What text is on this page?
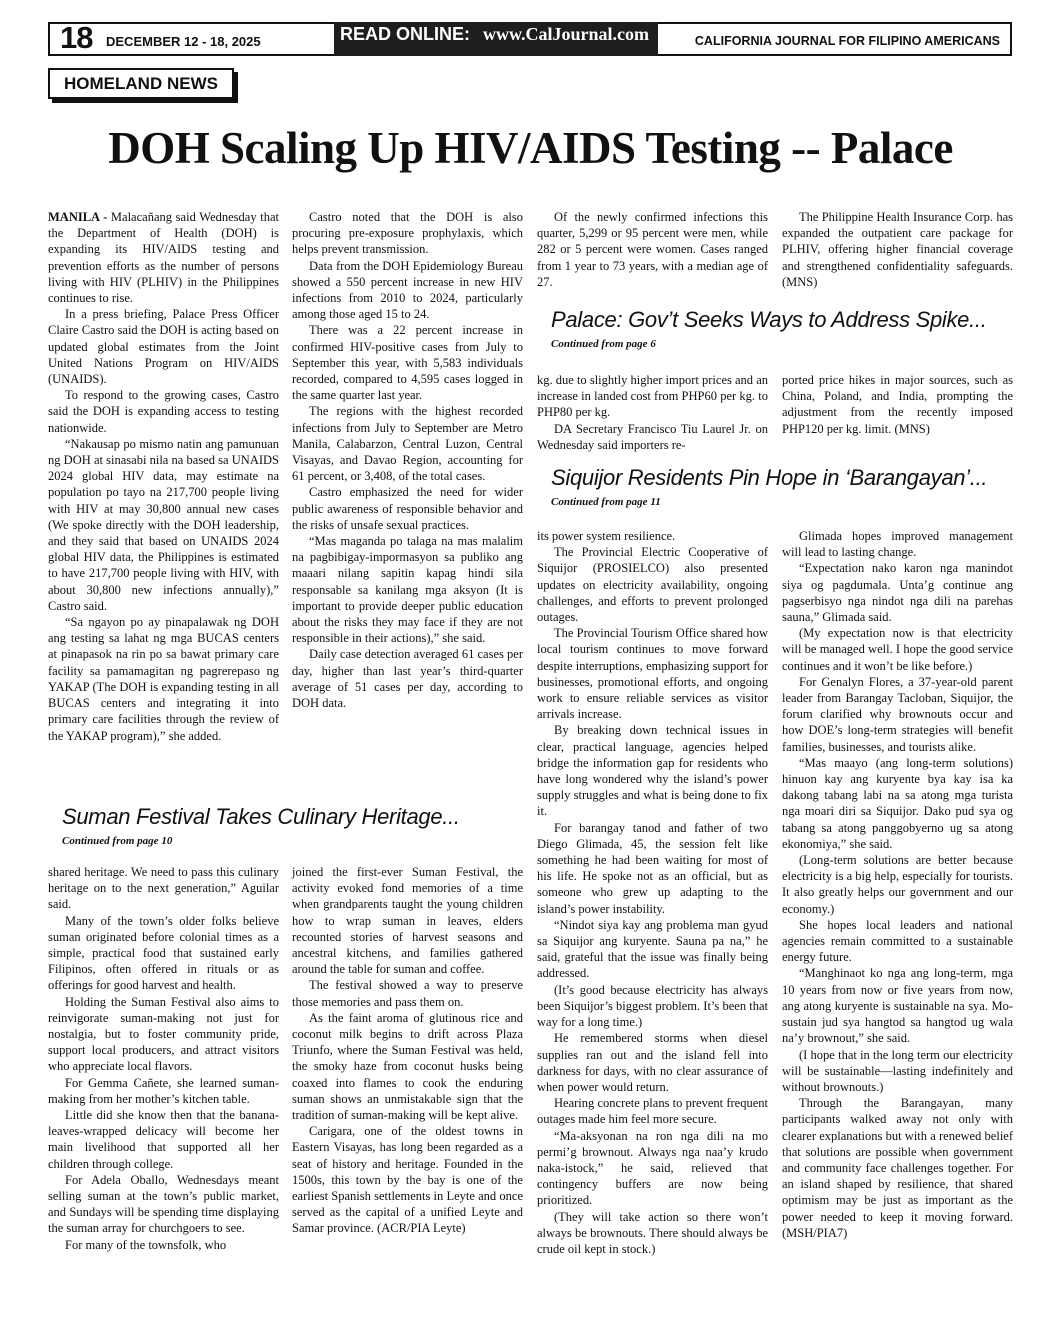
18 DECEMBER 12 - 18, 2025	READ ONLINE: www.CalJournal.com	CALIFORNIA JOURNAL FOR FILIPINO AMERICANS
HOMELAND NEWS
DOH Scaling Up HIV/AIDS Testing -- Palace

MANILA - Malacañang said Wednesday that the Department of Health (DOH) is expanding its HIV/AIDS testing and prevention efforts as the number of persons living with HIV (PLHIV) in the Philippines continues to rise.

In a press briefing, Palace Press Officer Claire Castro said the DOH is acting based on updated global estimates from the Joint United Nations Program on HIV/AIDS (UNAIDS).

To respond to the growing cases, Castro said the DOH is expanding access to testing nationwide.

“Nakausap po mismo natin ang pamunuan ng DOH at sinasabi nila na based sa UNAIDS 2024 global HIV data, may estimate na population po tayo na 217,700 people living with HIV at may 30,800 annual new cases (We spoke directly with the DOH leadership, and they said that based on UNAIDS 2024 global HIV data, the Philippines is estimated to have 217,700 people living with HIV, with about 30,800 new infections annually),” Castro said.

“Sa ngayon po ay pinapalawak ng DOH ang testing sa lahat ng mga BUCAS centers at pinapasok na rin po sa bawat primary care facility sa pamamagitan ng pagrerepaso ng YAKAP (The DOH is expanding testing in all BUCAS centers and integrating it into primary care facilities through the review of the YAKAP program),” she added.

Castro noted that the DOH is also procuring pre-exposure prophylaxis, which helps prevent transmission.

Data from the DOH Epidemiology Bureau showed a 550 percent increase in new HIV infections from 2010 to 2024, particularly among those aged 15 to 24.

There was a 22 percent increase in confirmed HIV-positive cases from July to September this year, with 5,583 individuals recorded, compared to 4,595 cases logged in the same quarter last year.

The regions with the highest recorded infections from July to September are Metro Manila, Calabarzon, Central Luzon, Central Visayas, and Davao Region, accounting for 61 percent, or 3,408, of the total cases.

Castro emphasized the need for wider public awareness of responsible behavior and the risks of unsafe sexual practices.

“Mas maganda po talaga na mas malalim na pagbibigay-impormasyon sa publiko ang maaari nilang sapitin kapag hindi sila responsable sa kanilang mga aksyon (It is important to provide deeper public education about the risks they may face if they are not responsible in their actions),” she said.

Daily case detection averaged 61 cases per day, higher than last year’s third-quarter average of 51 cases per day, according to DOH data.

Of the newly confirmed infections this quarter, 5,299 or 95 percent were men, while 282 or 5 percent were women. Cases ranged from 1 year to 73 years, with a median age of 27.

The Philippine Health Insurance Corp. has expanded the outpatient care package for PLHIV, offering higher financial coverage and strengthened confidentiality safeguards. (MNS)

Palace: Gov’t Seeks Ways to Address Spike...
Continued from page 6

kg. due to slightly higher import prices and an increase in landed cost from PHP60 per kg. to PHP80 per kg.

DA Secretary Francisco Tiu Laurel Jr. on Wednesday said importers re-

ported price hikes in major sources, such as China, Poland, and India, prompting the adjustment from the recently imposed PHP120 per kg. limit. (MNS)

Siquijor Residents Pin Hope in ‘Barangayan’...
Continued from page 11

its power system resilience.

The Provincial Electric Cooperative of Siquijor (PROSIELCO) also presented updates on electricity availability, ongoing challenges, and efforts to prevent prolonged outages.

The Provincial Tourism Office shared how local tourism continues to move forward despite interruptions, emphasizing support for businesses, promotional efforts, and ongoing work to ensure reliable services as visitor arrivals increase.

By breaking down technical issues in clear, practical language, agencies helped bridge the information gap for residents who have long wondered why the island’s power supply struggles and what is being done to fix it.

For barangay tanod and father of two Diego Glimada, 45, the session felt like something he had been waiting for most of his life. He spoke not as an official, but as someone who grew up adapting to the island’s power instability.

“Nindot siya kay ang problema man gyud sa Siquijor ang kuryente. Sauna pa na,” he said, grateful that the issue was finally being addressed.

(It’s good because electricity has always been Siquijor’s biggest problem. It’s been that way for a long time.)

He remembered storms when diesel supplies ran out and the island fell into darkness for days, with no clear assurance of when power would return.

Hearing concrete plans to prevent frequent outages made him feel more secure.

“Ma-aksyonan na ron nga dili na mo permi’g brownout. Always nga naa’y krudo naka-istock,” he said, relieved that contingency buffers are now being prioritized.

(They will take action so there won’t always be brownouts. There should always be crude oil kept in stock.)

Glimada hopes improved management will lead to lasting change.

“Expectation nako karon nga manindot siya og pagdumala. Unta’g continue ang pagserbisyo nga nindot nga dili na parehas sauna,” Glimada said.

(My expectation now is that electricity will be managed well. I hope the good service continues and it won’t be like before.)

For Genalyn Flores, a 37-year-old parent leader from Barangay Tacloban, Siquijor, the forum clarified why brownouts occur and how DOE’s long-term strategies will benefit families, businesses, and tourists alike.

“Mas maayo (ang long-term solutions) hinuon kay ang kuryente bya kay isa ka dakong tabang labi na sa atong mga turista nga moari diri sa Siquijor. Dako pud sya og tabang sa atong panggobyerno ug sa atong ekonomiya,” she said.

(Long-term solutions are better because electricity is a big help, especially for tourists. It also greatly helps our government and our economy.)

She hopes local leaders and national agencies remain committed to a sustainable energy future.

“Manghinaot ko nga ang long-term, mga 10 years from now or five years from now, ang atong kuryente is sustainable na sya. Mo-sustain jud sya hangtod sa hangtod ug wala na’y brownout,” she said.

(I hope that in the long term our electricity will be sustainable—lasting indefinitely and without brownouts.)

Through the Barangayan, many participants walked away not only with clearer explanations but with a renewed belief that solutions are possible when government and community face challenges together. For an island shaped by resilience, that shared optimism may be just as important as the power needed to keep it moving forward. (MSH/PIA7)

Suman Festival Takes Culinary Heritage...
Continued from page 10

shared heritage. We need to pass this culinary heritage on to the next generation,” Aguilar said.

Many of the town’s older folks believe suman originated before colonial times as a simple, practical food that sustained early Filipinos, often offered in rituals or as offerings for good harvest and health.

Holding the Suman Festival also aims to reinvigorate suman-making not just for nostalgia, but to foster community pride, support local producers, and attract visitors who appreciate local flavors.

For Gemma Cañete, she learned suman-making from her mother’s kitchen table.

Little did she know then that the banana-leaves-wrapped delicacy will become her main livelihood that supported all her children through college.

For Adela Oballo, Wednesdays meant selling suman at the town’s public market, and Sundays will be spending time displaying the suman array for churchgoers to see.

For many of the townsfolk, who

joined the first-ever Suman Festival, the activity evoked fond memories of a time when grandparents taught the young children how to wrap suman in leaves, elders recounted stories of harvest seasons and ancestral kitchens, and families gathered around the table for suman and coffee.

The festival showed a way to preserve those memories and pass them on.

As the faint aroma of glutinous rice and coconut milk begins to drift across Plaza Triunfo, where the Suman Festival was held, the smoky haze from coconut husks being coaxed into flames to cook the enduring suman shows an unmistakable sign that the tradition of suman-making will be kept alive.

Carigara, one of the oldest towns in Eastern Visayas, has long been regarded as a seat of history and heritage. Founded in the 1500s, this town by the bay is one of the earliest Spanish settlements in Leyte and once served as the capital of a unified Leyte and Samar province. (ACR/PIA Leyte)
